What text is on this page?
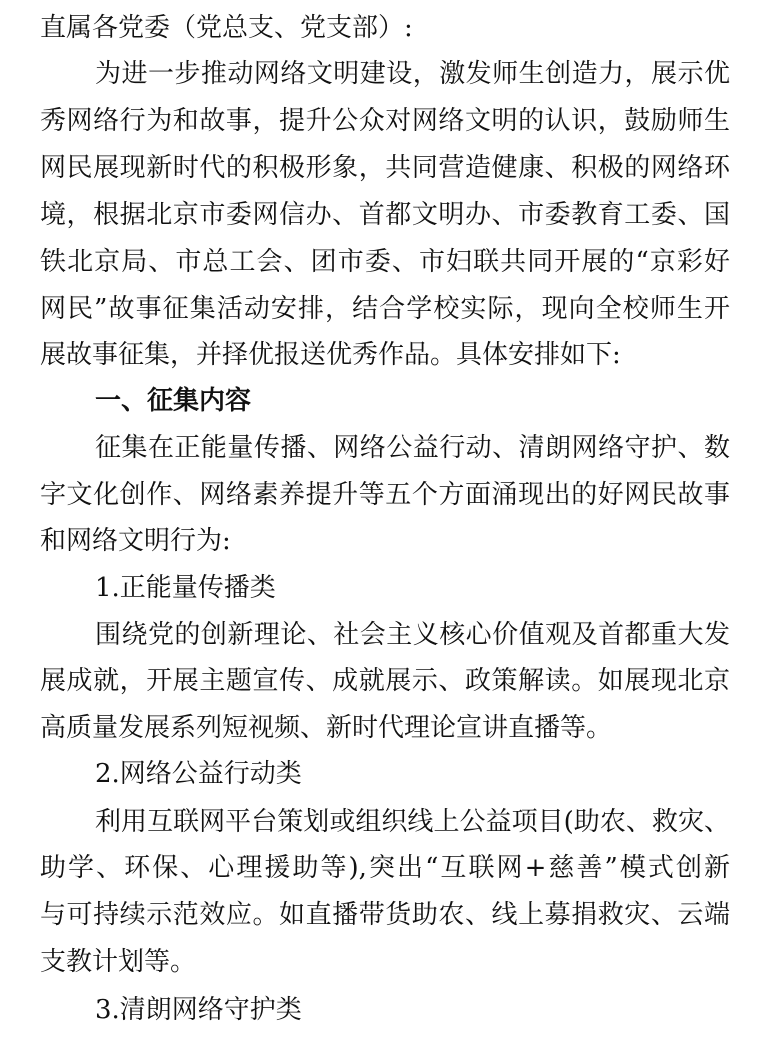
直属各党委（党总支、党支部）:
为进一步推动网络文明建设，激发师生创造力，展示优
秀网络行为和故事，提升公众对网络文明的认识，鼓励师生
网民展现新时代的积极形象，共同营造健康、积极的网络环
境，根据北京市委网信办、首都文明办、市委教育工委、国
铁北京局、市总工会、团市委、市妇联共同开展的“京彩好
网民”故事征集活动安排，结合学校实际，现向全校师生开
展故事征集，并择优报送优秀作品。具体安排如下:
一、征集内容
征集在正能量传播、网络公益行动、清朗网络守护、数
字文化创作、网络素养提升等五个方面涌现出的好网民故事
和网络文明行为:
1.正能量传播类
围绕党的创新理论、社会主义核心价值观及首都重大发
展成就，开展主题宣传、成就展示、政策解读。如展现北京
高质量发展系列短视频、新时代理论宣讲直播等。
2.网络公益行动类
利用互联网平台策划或组织线上公益项目(助农、救灾、
助学、环保、心理援助等),突出“互联网+慈善”模式创新
与可持续示范效应。如直播带货助农、线上募捐救灾、云端
支教计划等。
3.清朗网络守护类
